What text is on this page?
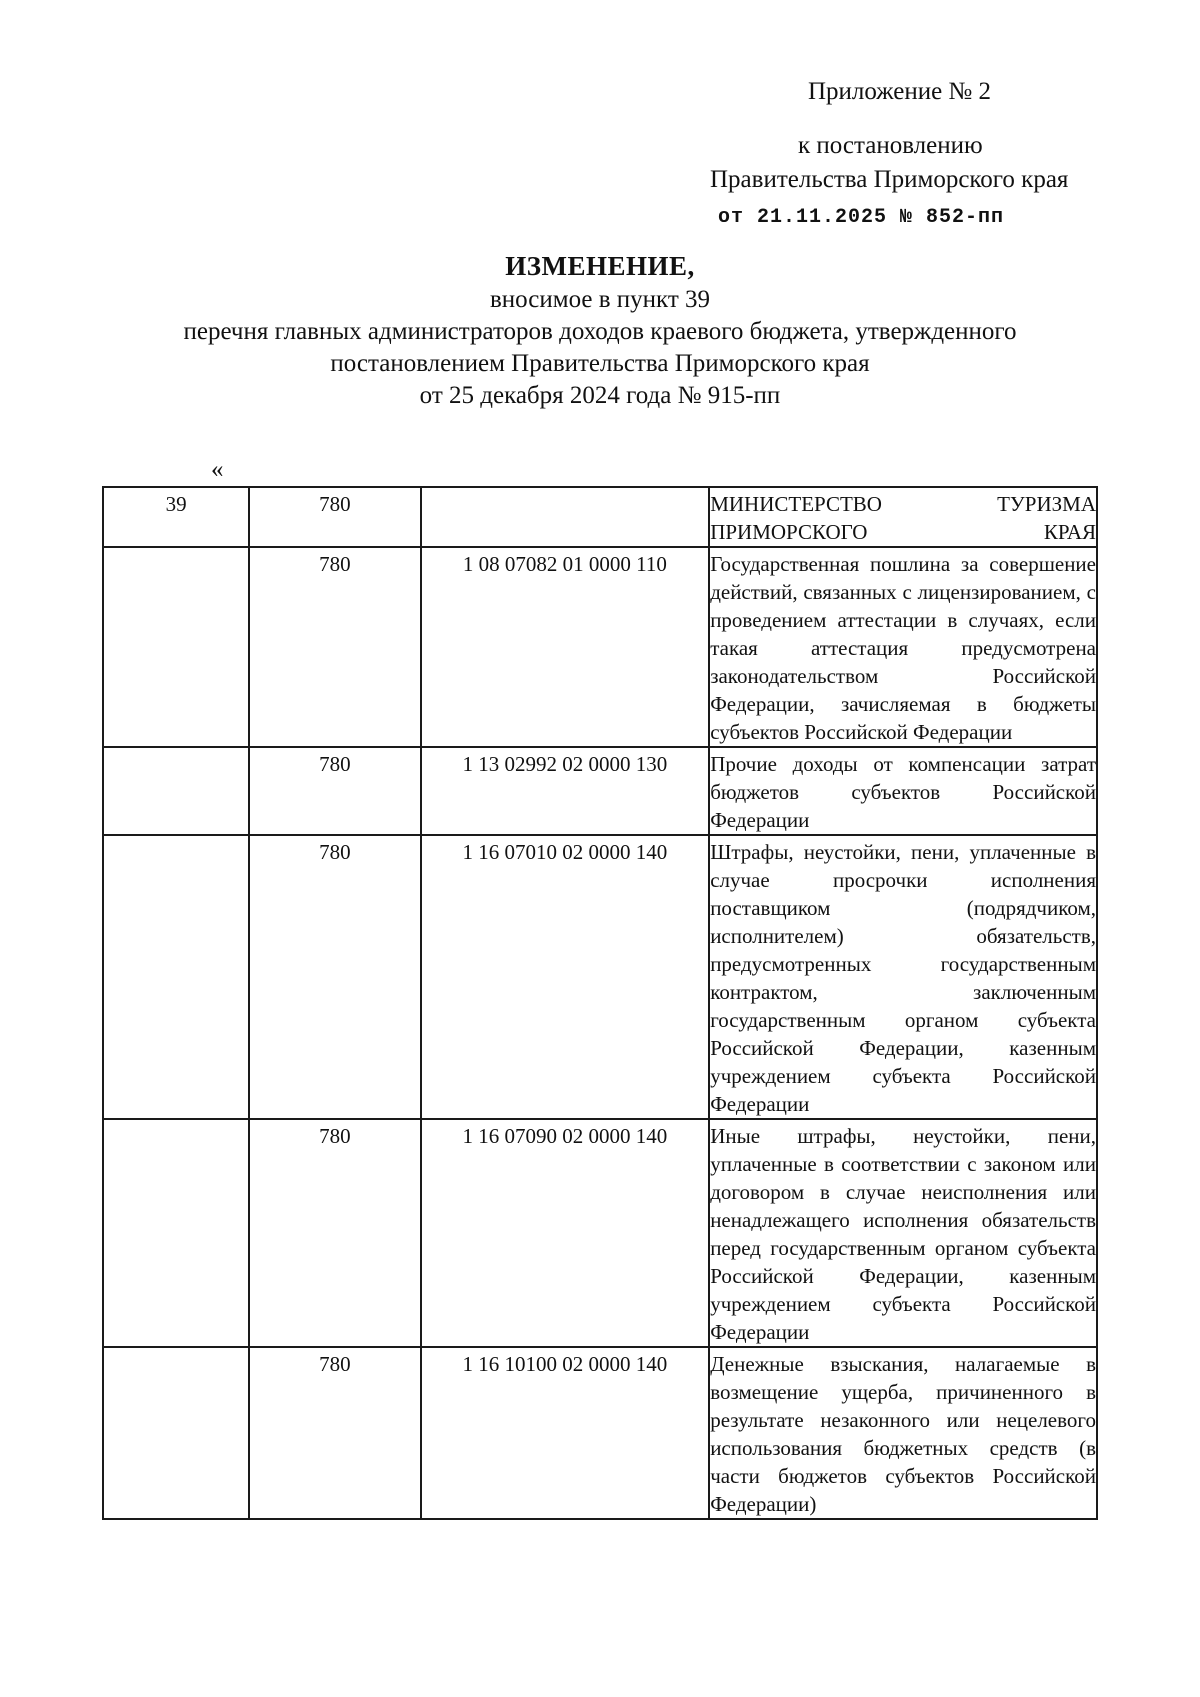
Приложение № 2
к постановлению
Правительства Приморского края
от 21.11.2025 № 852-пп
ИЗМЕНЕНИЕ,
вносимое в пункт 39
перечня главных администраторов доходов краевого бюджета, утвержденного
постановлением Правительства Приморского края
от 25 декабря 2024 года № 915-пп
«
39	780		МИНИСТЕРСТВО ТУРИЗМА ПРИМОРСКОГО КРАЯ
	780	1 08 07082 01 0000 110	Государственная пошлина за совершение действий, связанных с лицензированием, с проведением аттестации в случаях, если такая аттестация предусмотрена законодательством Российской Федерации, зачисляемая в бюджеты субъектов Российской Федерации
	780	1 13 02992 02 0000 130	Прочие доходы от компенсации затрат бюджетов субъектов Российской Федерации
	780	1 16 07010 02 0000 140	Штрафы, неустойки, пени, уплаченные в случае просрочки исполнения поставщиком (подрядчиком, исполнителем) обязательств, предусмотренных государственным контрактом, заключенным государственным органом субъекта Российской Федерации, казенным учреждением субъекта Российской Федерации
	780	1 16 07090 02 0000 140	Иные штрафы, неустойки, пени, уплаченные в соответствии с законом или договором в случае неисполнения или ненадлежащего исполнения обязательств перед государственным органом субъекта Российской Федерации, казенным учреждением субъекта Российской Федерации
	780	1 16 10100 02 0000 140	Денежные взыскания, налагаемые в возмещение ущерба, причиненного в результате незаконного или нецелевого использования бюджетных средств (в части бюджетов субъектов Российской Федерации)
